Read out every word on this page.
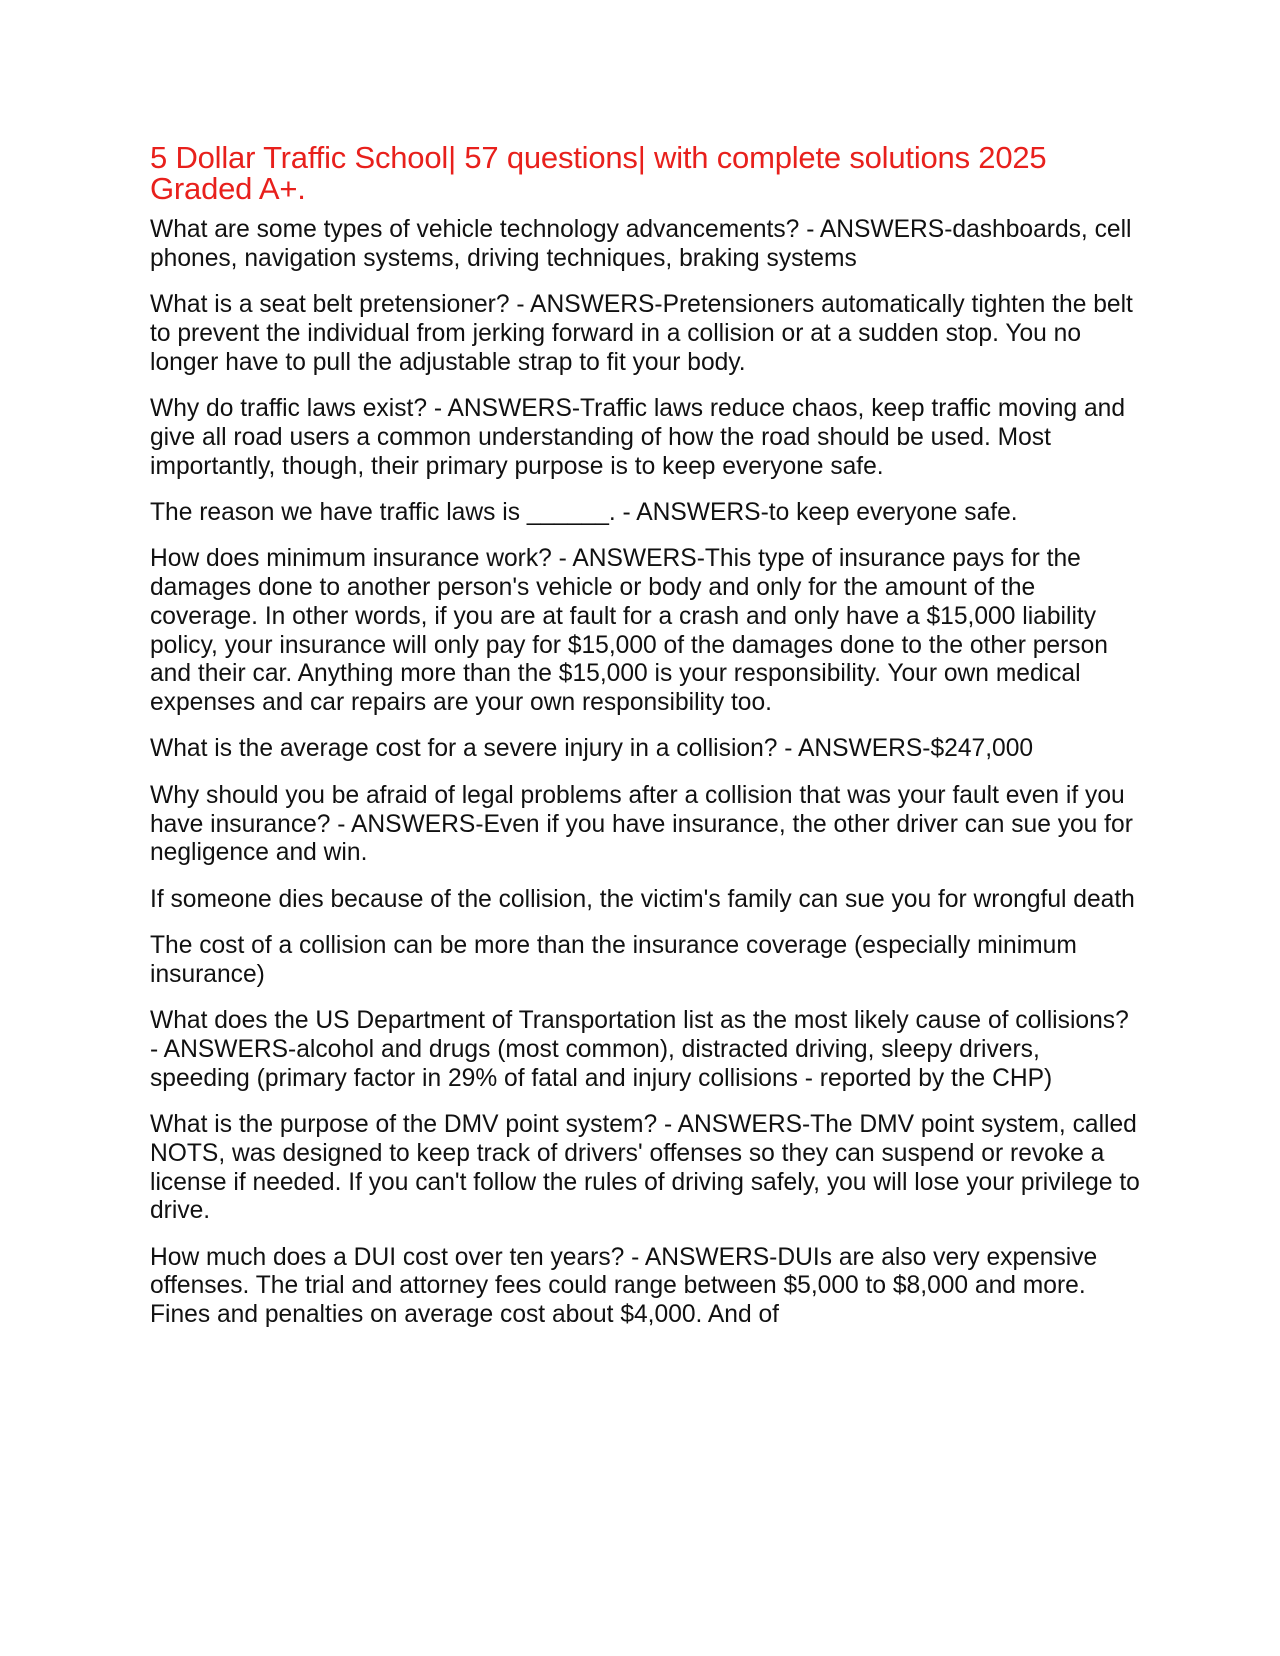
5 Dollar Traffic School| 57 questions| with complete solutions 2025 Graded A+.

What are some types of vehicle technology advancements? - ANSWERS-dashboards, cell phones, navigation systems, driving techniques, braking systems

What is a seat belt pretensioner? - ANSWERS-Pretensioners automatically tighten the belt to prevent the individual from jerking forward in a collision or at a sudden stop. You no longer have to pull the adjustable strap to fit your body.

Why do traffic laws exist? - ANSWERS-Traffic laws reduce chaos, keep traffic moving and give all road users a common understanding of how the road should be used. Most importantly, though, their primary purpose is to keep everyone safe.

The reason we have traffic laws is ______. - ANSWERS-to keep everyone safe.

How does minimum insurance work? - ANSWERS-This type of insurance pays for the damages done to another person's vehicle or body and only for the amount of the coverage. In other words, if you are at fault for a crash and only have a $15,000 liability policy, your insurance will only pay for $15,000 of the damages done to the other person and their car. Anything more than the $15,000 is your responsibility. Your own medical expenses and car repairs are your own responsibility too.

What is the average cost for a severe injury in a collision? - ANSWERS-$247,000

Why should you be afraid of legal problems after a collision that was your fault even if you have insurance? - ANSWERS-Even if you have insurance, the other driver can sue you for negligence and win.

If someone dies because of the collision, the victim's family can sue you for wrongful death

The cost of a collision can be more than the insurance coverage (especially minimum insurance)

What does the US Department of Transportation list as the most likely cause of collisions? - ANSWERS-alcohol and drugs (most common), distracted driving, sleepy drivers, speeding (primary factor in 29% of fatal and injury collisions - reported by the CHP)

What is the purpose of the DMV point system? - ANSWERS-The DMV point system, called NOTS, was designed to keep track of drivers' offenses so they can suspend or revoke a license if needed. If you can't follow the rules of driving safely, you will lose your privilege to drive.

How much does a DUI cost over ten years? - ANSWERS-DUIs are also very expensive offenses. The trial and attorney fees could range between $5,000 to $8,000 and more. Fines and penalties on average cost about $4,000. And of
